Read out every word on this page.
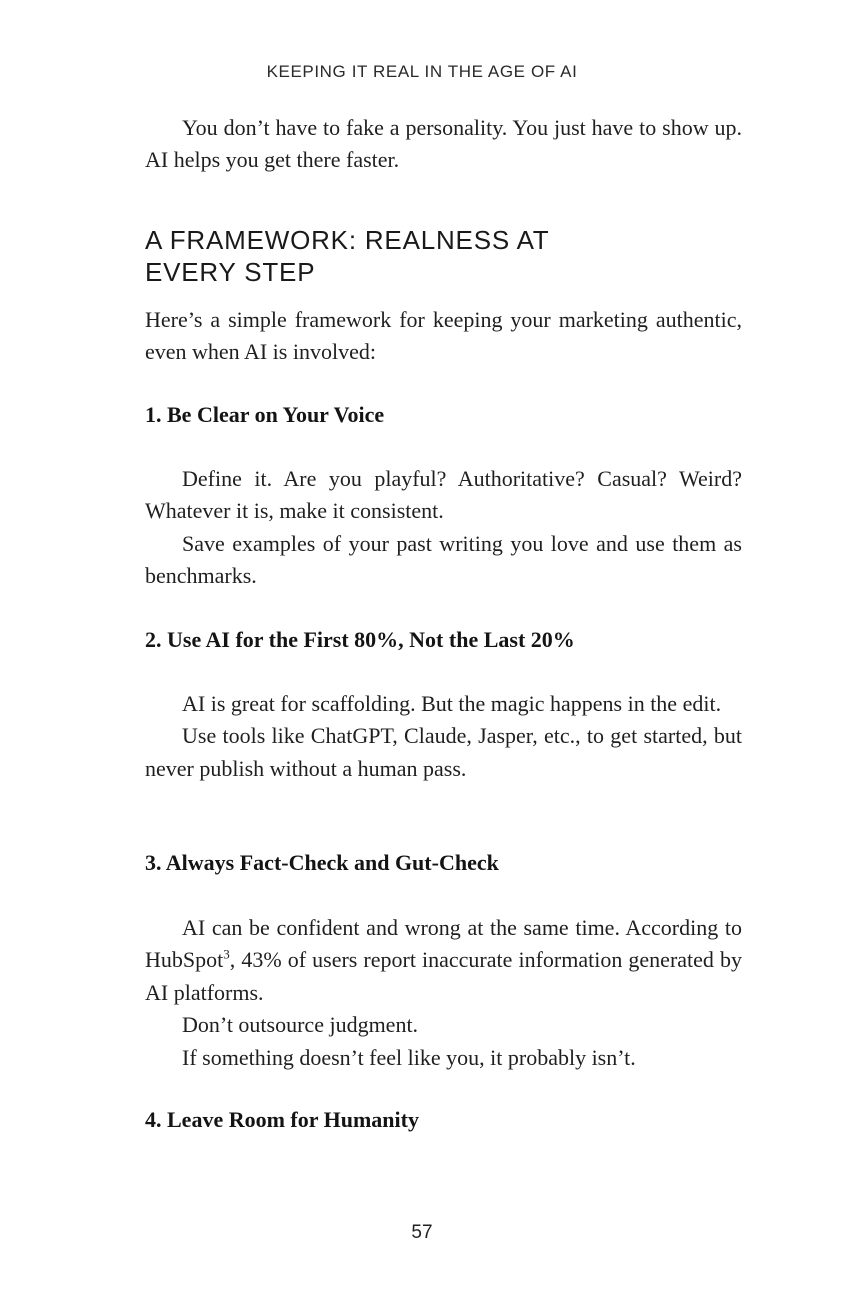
KEEPING IT REAL IN THE AGE OF AI

You don’t have to fake a personality. You just have to show up. AI helps you get there faster.

A FRAMEWORK: REALNESS AT
EVERY STEP

Here’s a simple framework for keeping your marketing authentic, even when AI is involved:

1. Be Clear on Your Voice

Define it. Are you playful? Authoritative? Casual? Weird? Whatever it is, make it consistent.

Save examples of your past writing you love and use them as benchmarks.

2. Use AI for the First 80%, Not the Last 20%

AI is great for scaffolding. But the magic happens in the edit.

Use tools like ChatGPT, Claude, Jasper, etc., to get started, but never publish without a human pass.

3. Always Fact-Check and Gut-Check

AI can be confident and wrong at the same time. According to HubSpot$^3$, 43% of users report inaccurate information generated by AI platforms.

Don’t outsource judgment.

If something doesn’t feel like you, it probably isn’t.

4. Leave Room for Humanity
57
